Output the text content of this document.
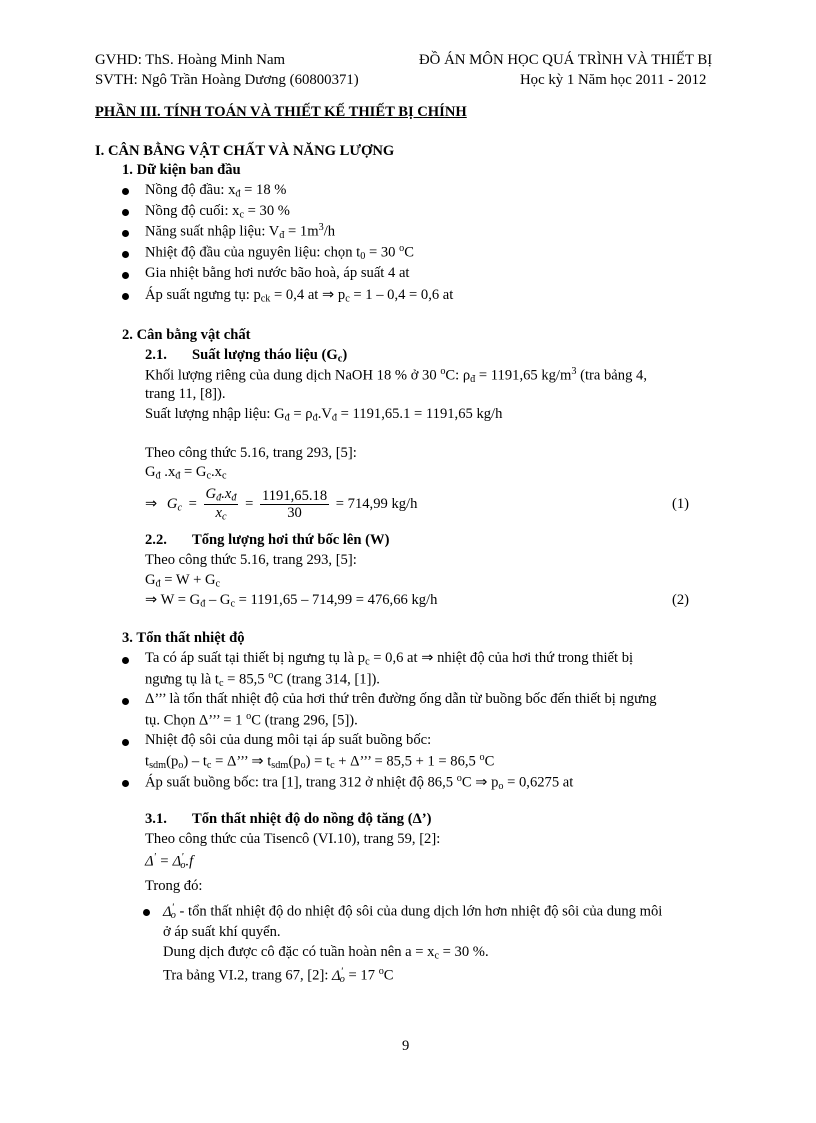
GVHD: ThS. Hoàng Minh Nam
SVTH: Ngô Trần Hoàng Dương (60800371)
ĐỒ ÁN MÔN HỌC QUÁ TRÌNH VÀ THIẾT BỊ
Học kỳ 1 Năm học 2011 - 2012
PHẦN III. TÍNH TOÁN VÀ THIẾT KẾ THIẾT BỊ CHÍNH
I. CÂN BẰNG VẬT CHẤT VÀ NĂNG LƯỢNG
1. Dữ kiện ban đầu
Nồng độ đầu: $x_đ = 18$ %
Nồng độ cuối: $x_c = 30$ %
Năng suất nhập liệu: $V_đ = 1m^3/h$
Nhiệt độ đầu của nguyên liệu: chọn $t_0 = 30$ $^o$C
Gia nhiệt bằng hơi nước bão hoà, áp suất 4 at
Áp suất ngưng tụ: $p_{ck} = 0,4$ at ⇒ $p_c = 1 - 0,4 = 0,6$ at
2. Cân bằng vật chất
2.1. Suất lượng tháo liệu $(G_c)$
Khối lượng riêng của dung dịch NaOH 18 % ở 30 $^o$C: $\rho_đ = 1191,65$ $kg/m^3$ (tra bảng 4,
trang 11, [8]).
Suất lượng nhập liệu: $G_đ = \rho_đ.V_đ = 1191,65.1 = 1191,65$ kg/h
Theo công thức 5.16, trang 293, [5]:
$G_đ$ $.x_đ = G_c.x_c$
⇒ $G_c = \frac{G_đ.x_đ}{x_c} = \frac{1191,65.18}{30} = 714,99$ kg/h	(1)
2.2. Tổng lượng hơi thứ bốc lên (W)
Theo công thức 5.16, trang 293, [5]:
$G_đ = W + G_c$
⇒ $W = G_đ - G_c = 1191,65 - 714,99 = 476,66$ kg/h	(2)
3. Tổn thất nhiệt độ
Ta có áp suất tại thiết bị ngưng tụ là $p_c = 0,6$ at ⇒ nhiệt độ của hơi thứ trong thiết bị
ngưng tụ là $t_c = 85,5$ $^o$C (trang 314, [1]).
Δ’’’ là tổn thất nhiệt độ của hơi thứ trên đường ống dẫn từ buồng bốc đến thiết bị ngưng
tụ. Chọn Δ’’’ = 1 $^o$C (trang 296, [5]).
Nhiệt độ sôi của dung môi tại áp suất buồng bốc:
$t_{sdm}(p_o) - t_c = \Delta$’’’ ⇒ $t_{sdm}(p_o) = t_c + \Delta$’’’ = 85,5 + 1 = 86,5 $^o$C
Áp suất buồng bốc: tra [1], trang 312 ở nhiệt độ 86,5 $^o$C ⇒ $p_o = 0,6275$ at
3.1. Tổn thất nhiệt độ do nồng độ tăng (Δ’)
Theo công thức của Tisencô (VI.10), trang 59, [2]:
$\Delta' = \Delta'_o.f$
Trong đó:
$\Delta'_o$ - tổn thất nhiệt độ do nhiệt độ sôi của dung dịch lớn hơn nhiệt độ sôi của dung môi
ở áp suất khí quyển.
Dung dịch được cô đặc có tuần hoàn nên $a = x_c = 30$ %.
Tra bảng VI.2, trang 67, [2]: $\Delta'_o = 17$ $^o$C
9
